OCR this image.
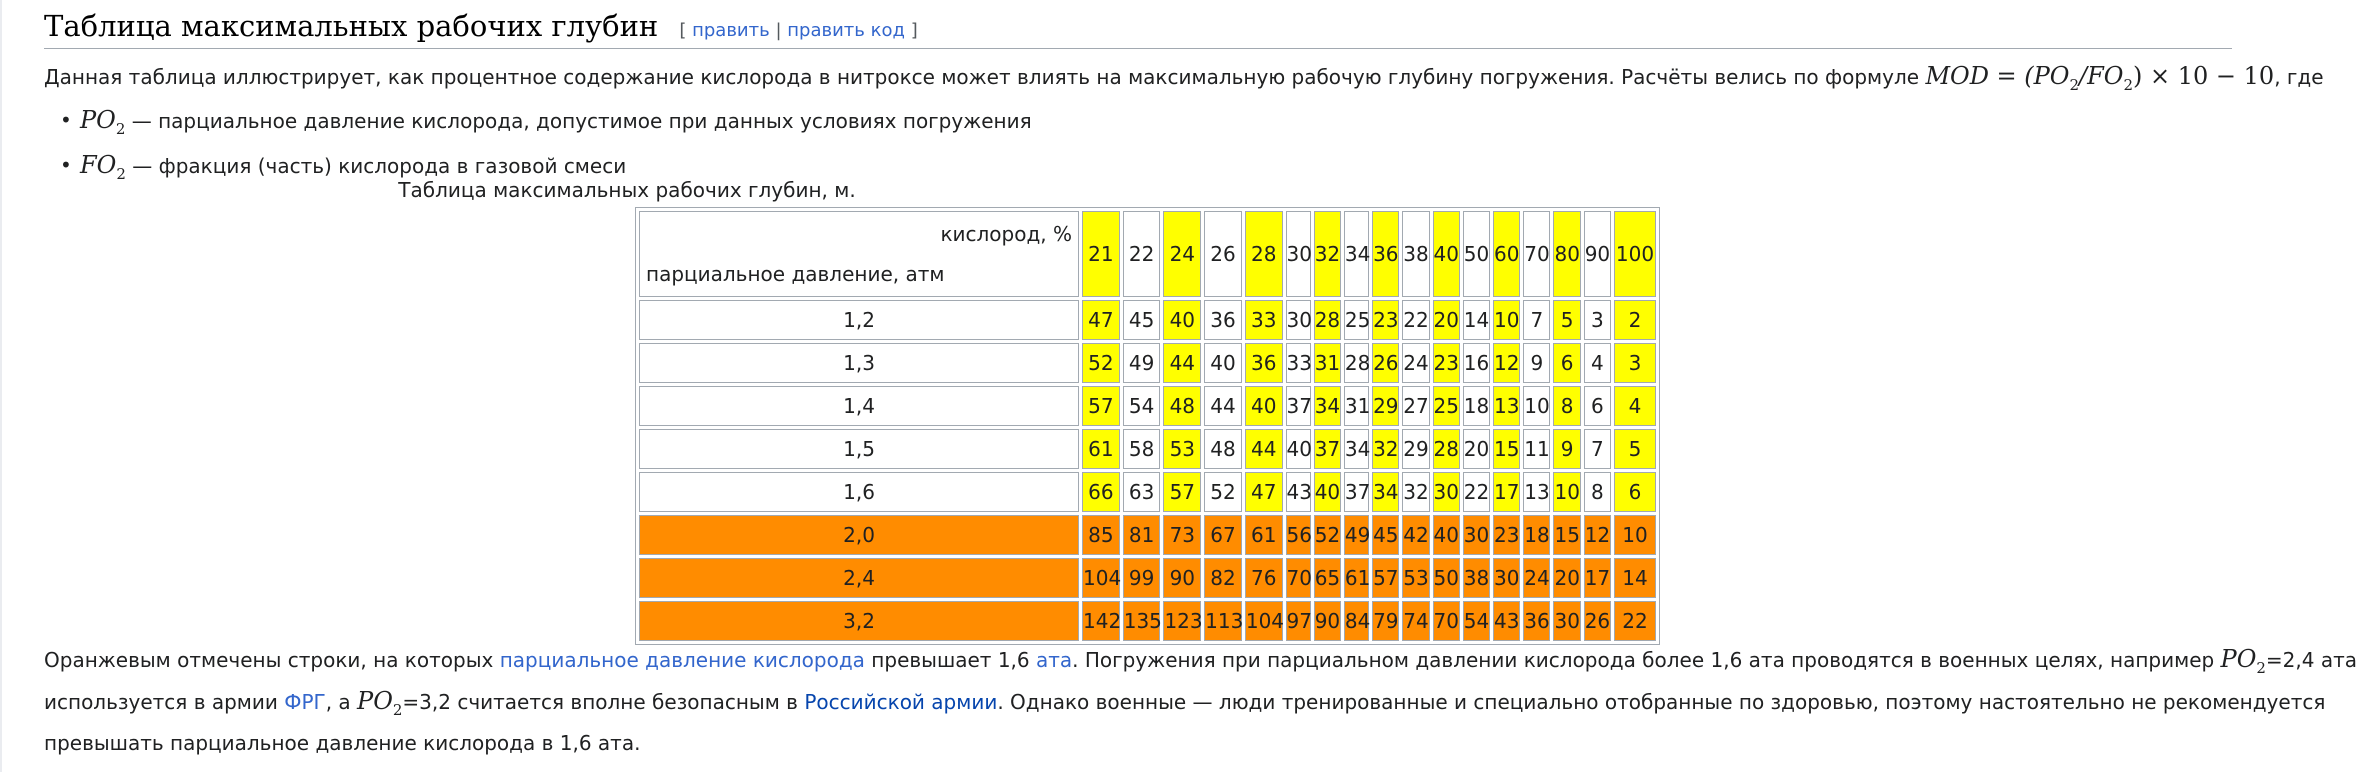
Таблица максимальных рабочих глубин [ править | править код ]
Данная таблица иллюстрирует, как процентное содержание кислорода в нитроксе может влиять на максимальную рабочую глубину погружения. Расчёты велись по формуле MOD = $(PO_2/FO_2) \times 10 - 10$, где
• $PO_2$ — парциальное давление кислорода, допустимое при данных условиях погружения
• $FO_2$ — фракция (часть) кислорода в газовой смеси
Таблица максимальных рабочих глубин, м.
кислород, %
парциальное давление, атм	21	22	24	26	28	30	32	34	36	38	40	50	60	70	80	90	100
1,2	47	45	40	36	33	30	28	25	23	22	20	14	10	7	5	3	2
1,3	52	49	44	40	36	33	31	28	26	24	23	16	12	9	6	4	3
1,4	57	54	48	44	40	37	34	31	29	27	25	18	13	10	8	6	4
1,5	61	58	53	48	44	40	37	34	32	29	28	20	15	11	9	7	5
1,6	66	63	57	52	47	43	40	37	34	32	30	22	17	13	10	8	6
2,0	85	81	73	67	61	56	52	49	45	42	40	30	23	18	15	12	10
2,4	104	99	90	82	76	70	65	61	57	53	50	38	30	24	20	17	14
3,2	142	135	123	113	104	97	90	84	79	74	70	54	43	36	30	26	22
Оранжевым отмечены строки, на которых парциальное давление кислорода превышает 1,6 ата. Погружения при парциальном давлении кислорода более 1,6 ата проводятся в военных целях, например $PO_2=2,4$ ата
используется в армии ФРГ, а $PO_2=3,2$ считается вполне безопасным в Российской армии. Однако военные — люди тренированные и специально отобранные по здоровью, поэтому настоятельно не рекомендуется
превышать парциальное давление кислорода в 1,6 ата.
